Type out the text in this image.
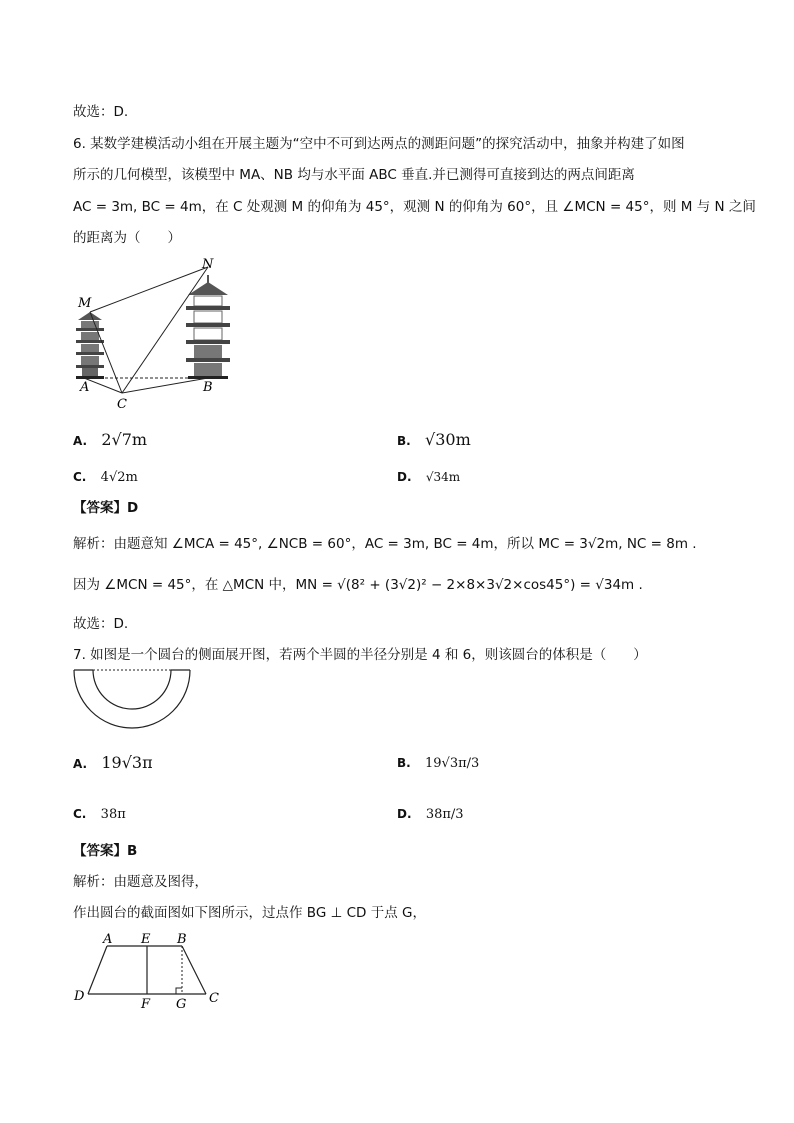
故选：D.
6. 某数学建模活动小组在开展主题为“空中不可到达两点的测距问题”的探究活动中，抽象并构建了如图
所示的几何模型，该模型中 MA、NB 均与水平面 ABC 垂直.并已测得可直接到达的两点间距离
AC = 3m, BC = 4m，在 C 处观测 M 的仰角为 45°，观测 N 的仰角为 60°，且 ∠MCN = 45°，则 M 与 N 之间
的距离为（　　）
M
N
A	B
C
A. 2√7m	B. √30m
C. 4√2m	D. √34m
【答案】D
解析：由题意知 ∠MCA = 45°, ∠NCB = 60°，AC = 3m, BC = 4m，所以 MC = 3√2m, NC = 8m .
因为 ∠MCN = 45°，在 △MCN 中，MN = √(8² + (3√2)² − 2×8×3√2×cos45°) = √34m .
故选：D.
7. 如图是一个圆台的侧面展开图，若两个半圆的半径分别是 4 和 6，则该圆台的体积是（　　）
A. 19√3π	B. 19√3π/3
C. 38π	D. 38π/3
【答案】B
解析：由题意及图得，
作出圆台的截面图如下图所示，过点作 BG ⊥ CD 于点 G，
A E B
D
F G C
